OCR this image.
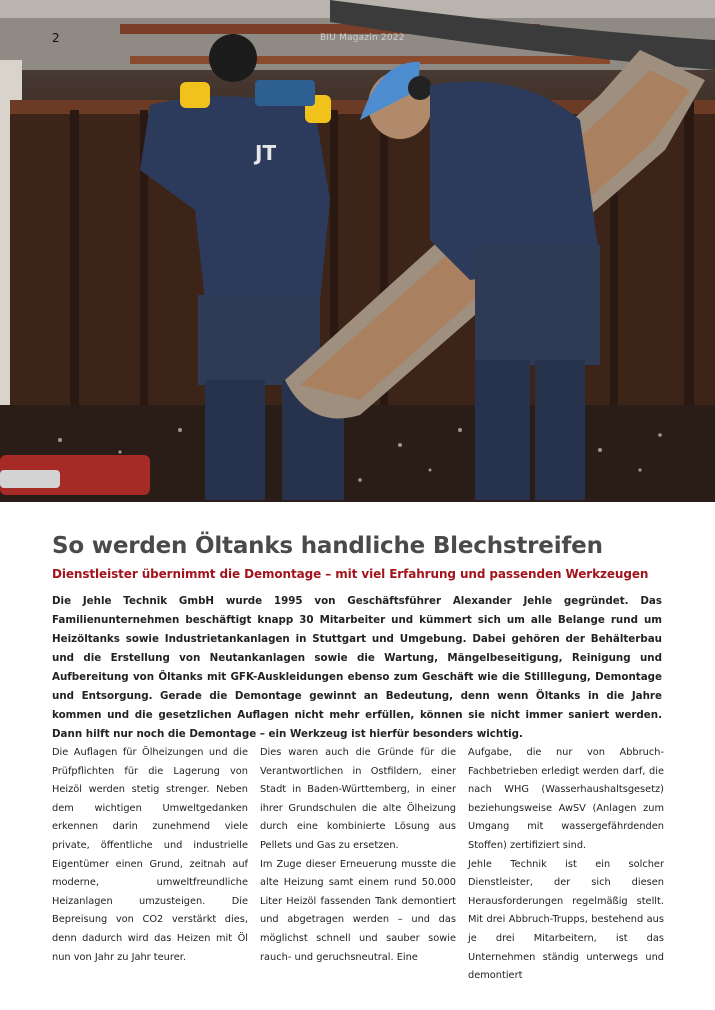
JT
2	BIU Magazin 2022
So werden Öltanks handliche Blechstreifen
Dienstleister übernimmt die Demontage – mit viel Erfahrung und passenden Werkzeugen

Die Jehle Technik GmbH wurde 1995 von Geschäftsführer Alexander Jehle gegründet. Das Familienunternehmen beschäftigt knapp 30 Mitarbeiter und kümmert sich um alle Belange rund um Heizöltanks sowie Industrietankanlagen in Stuttgart und Umgebung. Dabei gehören der Behälterbau und die Erstellung von Neutankanlagen sowie die Wartung, Mängelbeseitigung, Reinigung und Aufbereitung von Öltanks mit GFK-Auskleidungen ebenso zum Geschäft wie die Stilllegung, Demontage und Entsorgung. Gerade die Demontage gewinnt an Bedeutung, denn wenn Öltanks in die Jahre kommen und die gesetzlichen Auflagen nicht mehr erfüllen, können sie nicht immer saniert werden. Dann hilft nur noch die Demontage – ein Werkzeug ist hierfür besonders wichtig.

Die Auflagen für Ölheizungen und die Prüfpflichten für die Lagerung von Heizöl werden stetig strenger. Neben dem wichtigen Umweltgedanken erkennen darin zunehmend viele private, öffentliche und industrielle Eigentümer einen Grund, zeitnah auf moderne, umweltfreundliche Heizanlagen umzusteigen. Die Bepreisung von CO2 verstärkt dies, denn dadurch wird das Heizen mit Öl nun von Jahr zu Jahr teurer.

Dies waren auch die Gründe für die Verantwortlichen in Ostfildern, einer Stadt in Baden-Württemberg, in einer ihrer Grundschulen die alte Ölheizung durch eine kombinierte Lösung aus Pellets und Gas zu ersetzen.

Im Zuge dieser Erneuerung musste die alte Heizung samt einem rund 50.000 Liter Heizöl fassenden Tank demontiert und abgetragen werden – und das möglichst schnell und sauber sowie rauch- und geruchsneutral. Eine

Aufgabe, die nur von Abbruch-Fachbetrieben erledigt werden darf, die nach WHG (Wasserhaushaltsgesetz) beziehungsweise AwSV (Anlagen zum Umgang mit wassergefährdenden Stoffen) zertifiziert sind.

Jehle Technik ist ein solcher Dienstleister, der sich diesen Herausforderungen regelmäßig stellt. Mit drei Abbruch-Trupps, bestehend aus je drei Mitarbeitern, ist das Unternehmen ständig unterwegs und demontiert
